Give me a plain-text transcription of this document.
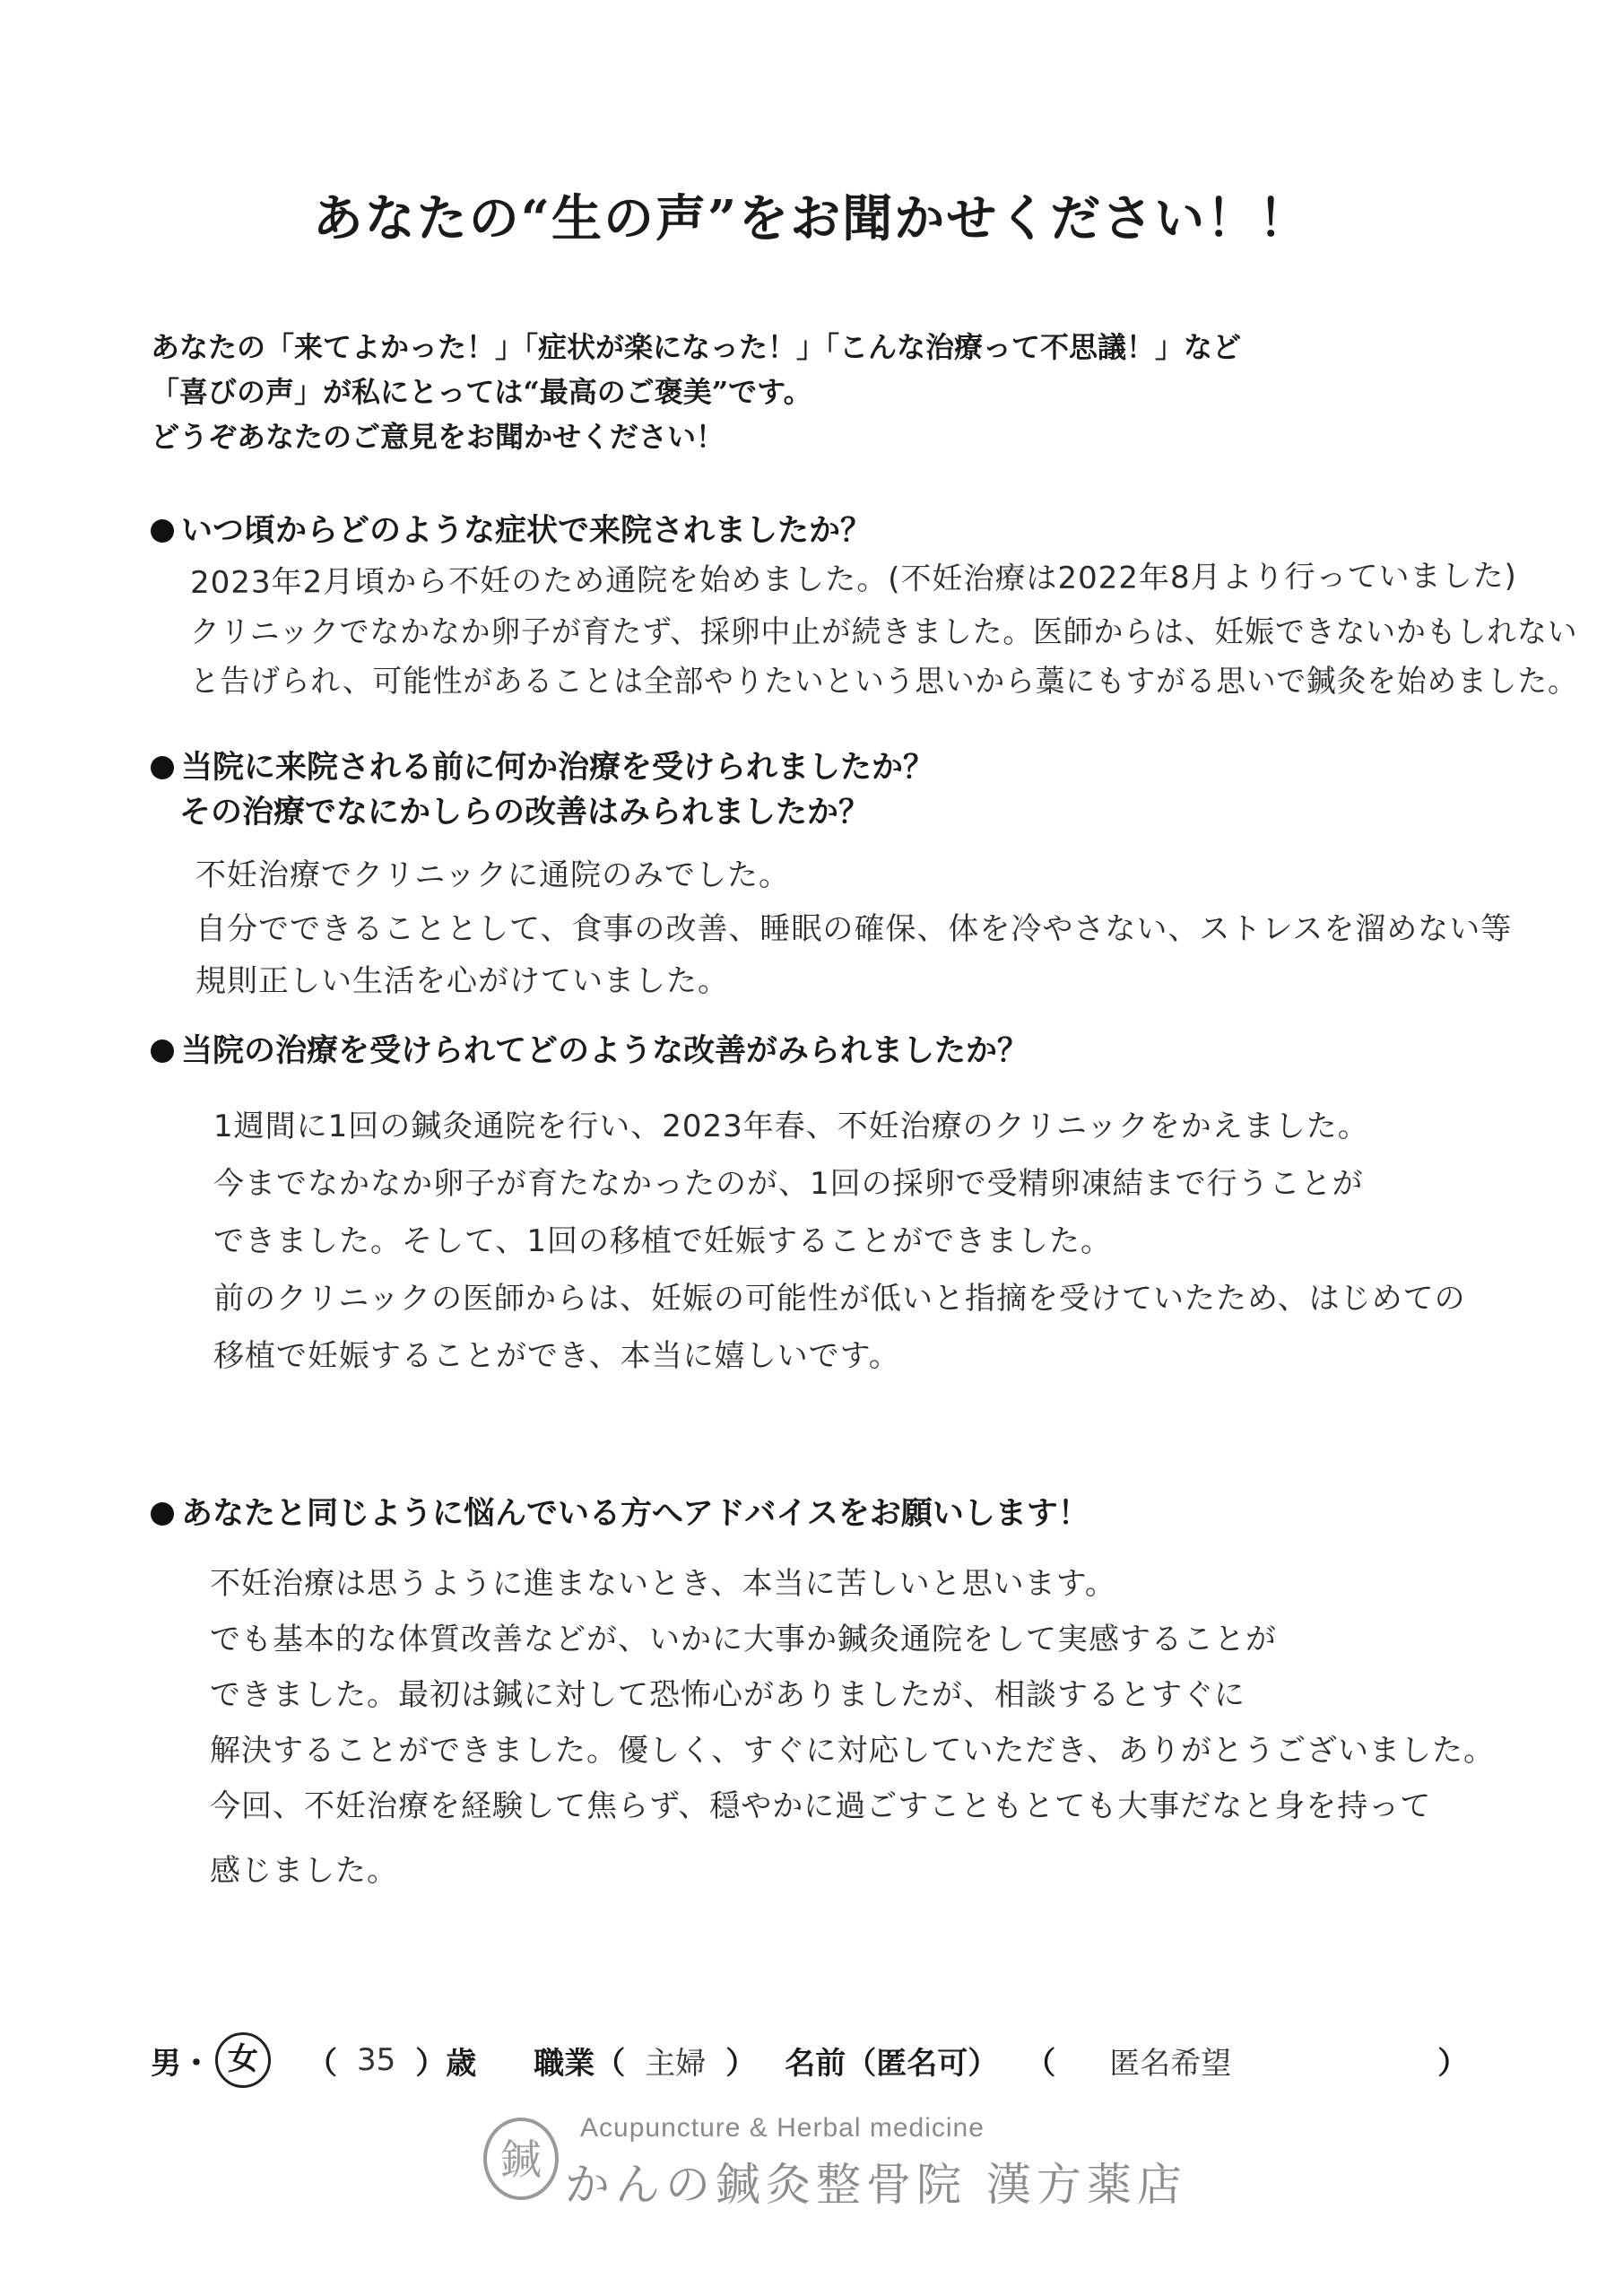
あなたの“生の声”をお聞かせください！！
あなたの「来てよかった！」「症状が楽になった！」「こんな治療って不思議！」など
「喜びの声」が私にとっては“最高のご褒美”です。
どうぞあなたのご意見をお聞かせください！
いつ頃からどのような症状で来院されましたか？
2023年2月頃から不妊のため通院を始めました。(不妊治療は2022年8月より行っていました)
クリニックでなかなか卵子が育たず、採卵中止が続きました。医師からは、妊娠できないかもしれない
と告げられ、可能性があることは全部やりたいという思いから藁にもすがる思いで鍼灸を始めました。
当院に来院される前に何か治療を受けられましたか？
その治療でなにかしらの改善はみられましたか？
不妊治療でクリニックに通院のみでした。
自分でできることとして、食事の改善、睡眠の確保、体を冷やさない、ストレスを溜めない等
規則正しい生活を心がけていました。
当院の治療を受けられてどのような改善がみられましたか？
1週間に1回の鍼灸通院を行い、2023年春、不妊治療のクリニックをかえました。
今までなかなか卵子が育たなかったのが、1回の採卵で受精卵凍結まで行うことが
できました。そして、1回の移植で妊娠することができました。
前のクリニックの医師からは、妊娠の可能性が低いと指摘を受けていたため、はじめての
移植で妊娠することができ、本当に嬉しいです。
あなたと同じように悩んでいる方へアドバイスをお願いします！
不妊治療は思うように進まないとき、本当に苦しいと思います。
でも基本的な体質改善などが、いかに大事か鍼灸通院をして実感することが
できました。最初は鍼に対して恐怖心がありましたが、相談するとすぐに
解決することができました。優しく、すぐに対応していただき、ありがとうございました。
今回、不妊治療を経験して焦らず、穏やかに過ごすこともとても大事だなと身を持って
感じました。
男 ・ 女	（ 35 ）歳 職業（ 主婦 ） 名前（匿名可） （ 匿名希望	）
鍼
Acupuncture & Herbal medicine
かんの鍼灸整骨院 漢方薬店
